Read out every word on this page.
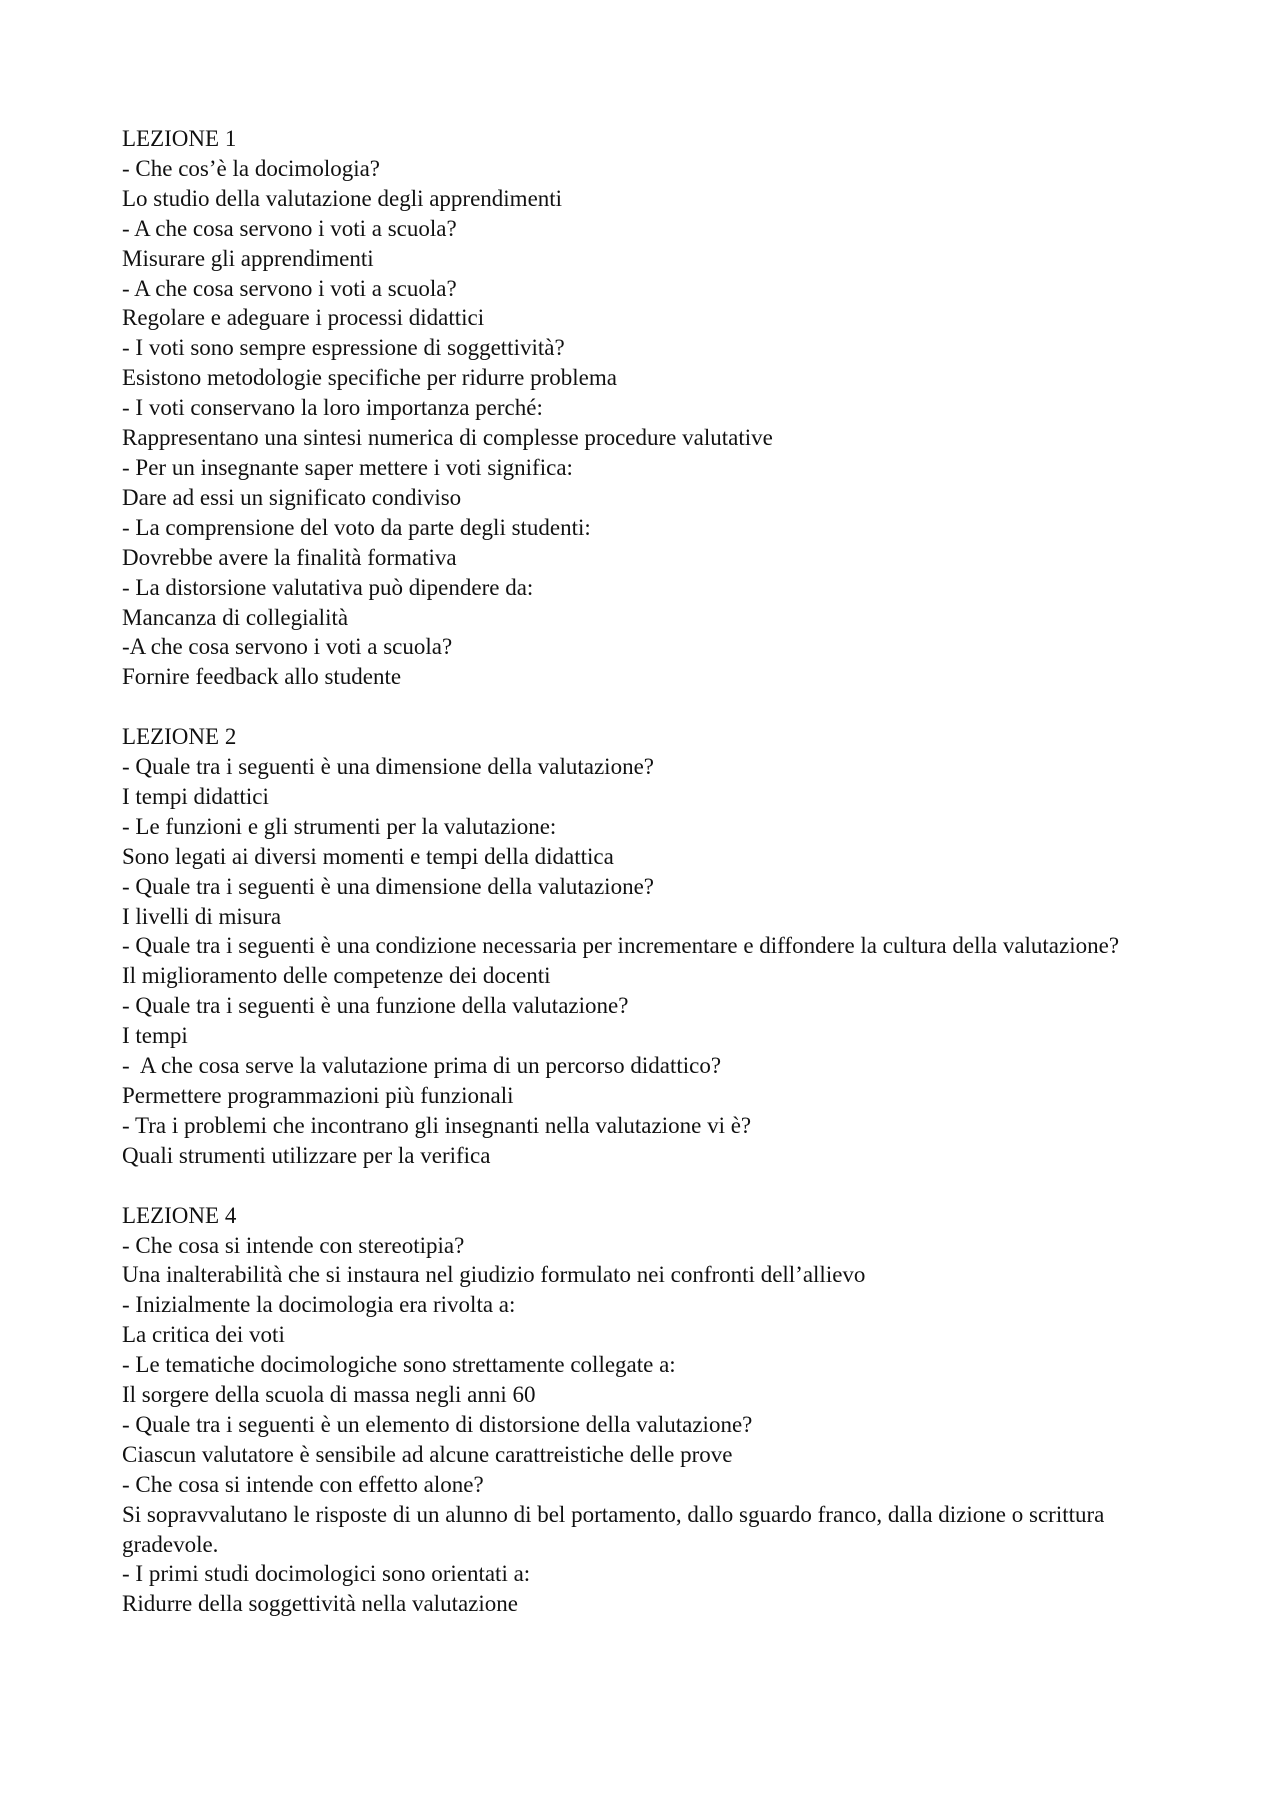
LEZIONE 1
- Che cos’è la docimologia?
Lo studio della valutazione degli apprendimenti
- A che cosa servono i voti a scuola?
Misurare gli apprendimenti
- A che cosa servono i voti a scuola?
Regolare e adeguare i processi didattici
- I voti sono sempre espressione di soggettività?
Esistono metodologie specifiche per ridurre problema
- I voti conservano la loro importanza perché:
Rappresentano una sintesi numerica di complesse procedure valutative
- Per un insegnante saper mettere i voti significa:
Dare ad essi un significato condiviso
- La comprensione del voto da parte degli studenti:
Dovrebbe avere la finalità formativa
- La distorsione valutativa può dipendere da:
Mancanza di collegialità
-A che cosa servono i voti a scuola?
Fornire feedback allo studente
LEZIONE 2
- Quale tra i seguenti è una dimensione della valutazione?
I tempi didattici
- Le funzioni e gli strumenti per la valutazione:
Sono legati ai diversi momenti e tempi della didattica
- Quale tra i seguenti è una dimensione della valutazione?
I livelli di misura
- Quale tra i seguenti è una condizione necessaria per incrementare e diffondere la cultura della valutazione?
Il miglioramento delle competenze dei docenti
- Quale tra i seguenti è una funzione della valutazione?
I tempi
-  A che cosa serve la valutazione prima di un percorso didattico?
Permettere programmazioni più funzionali
- Tra i problemi che incontrano gli insegnanti nella valutazione vi è?
Quali strumenti utilizzare per la verifica
LEZIONE 4
- Che cosa si intende con stereotipia?
Una inalterabilità che si instaura nel giudizio formulato nei confronti dell’allievo
- Inizialmente la docimologia era rivolta a:
La critica dei voti
- Le tematiche docimologiche sono strettamente collegate a:
Il sorgere della scuola di massa negli anni 60
- Quale tra i seguenti è un elemento di distorsione della valutazione?
Ciascun valutatore è sensibile ad alcune carattreistiche delle prove
- Che cosa si intende con effetto alone?
Si sopravvalutano le risposte di un alunno di bel portamento, dallo sguardo franco, dalla dizione o scrittura gradevole.
- I primi studi docimologici sono orientati a:
Ridurre della soggettività nella valutazione
